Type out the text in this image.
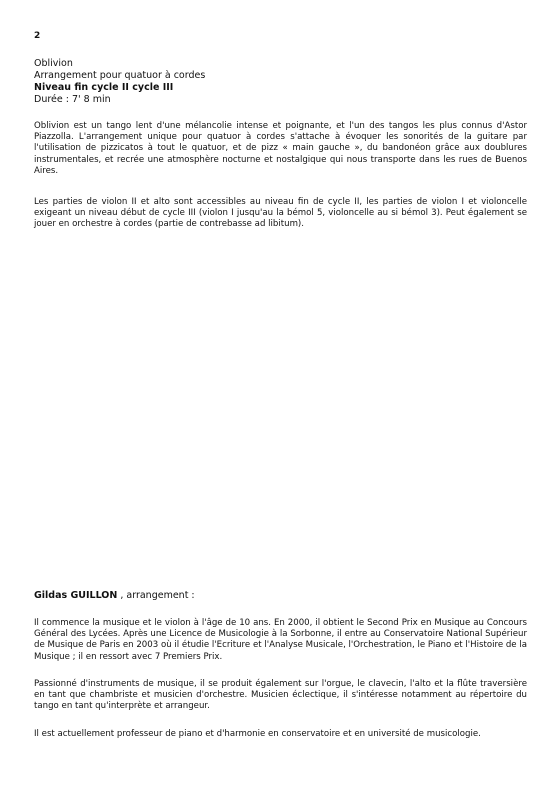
2
Oblivion
Arrangement pour quatuor à cordes
Niveau fin cycle II cycle III
Durée : 7' 8 min

Oblivion est un tango lent d'une mélancolie intense et poignante, et l'un des tangos les plus connus d'Astor Piazzolla. L'arrangement unique pour quatuor à cordes s'attache à évoquer les sonorités de la guitare par l'utilisation de pizzicatos à tout le quatuor, et de pizz « main gauche », du bandonéon grâce aux doublures instrumentales, et recrée une atmosphère nocturne et nostalgique qui nous transporte dans les rues de Buenos Aires.

Les parties de violon II et alto sont accessibles au niveau fin de cycle II, les parties de violon I et violoncelle exigeant un niveau début de cycle III (violon I jusqu'au la bémol 5, violoncelle au si bémol 3). Peut également se jouer en orchestre à cordes (partie de contrebasse ad libitum).

Gildas GUILLON , arrangement :

Il commence la musique et le violon à l'âge de 10 ans. En 2000, il obtient le Second Prix en Musique au Concours Général des Lycées. Après une Licence de Musicologie à la Sorbonne, il entre au Conservatoire National Supérieur de Musique de Paris en 2003 où il étudie l'Ecriture et l'Analyse Musicale, l'Orchestration, le Piano et l'Histoire de la Musique ; il en ressort avec 7 Premiers Prix.

Passionné d'instruments de musique, il se produit également sur l'orgue, le clavecin, l'alto et la flûte traversière en tant que chambriste et musicien d'orchestre. Musicien éclectique, il s'intéresse notamment au répertoire du tango en tant qu'interprète et arrangeur.

Il est actuellement professeur de piano et d'harmonie en conservatoire et en université de musicologie.
